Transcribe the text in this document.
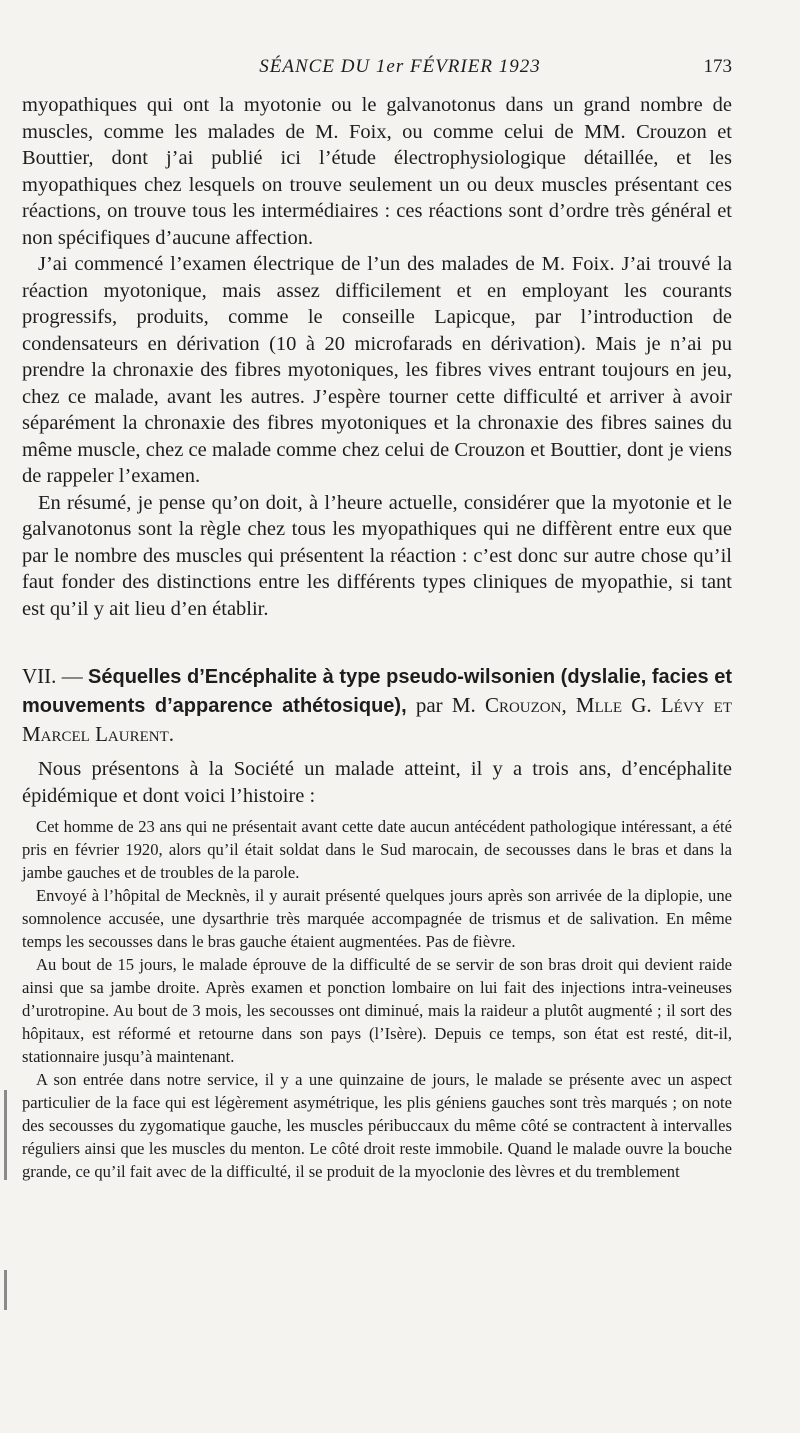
SÉANCE DU 1er FÉVRIER 1923	173

myopathiques qui ont la myotonie ou le galvanotonus dans un grand nombre de muscles, comme les malades de M. Foix, ou comme celui de MM. Crouzon et Bouttier, dont j’ai publié ici l’étude électrophysiologique détaillée, et les myopathiques chez lesquels on trouve seulement un ou deux muscles présentant ces réactions, on trouve tous les intermédiaires : ces réactions sont d’ordre très général et non spécifiques d’aucune affection.

J’ai commencé l’examen électrique de l’un des malades de M. Foix. J’ai trouvé la réaction myotonique, mais assez difficilement et en employant les courants progressifs, produits, comme le conseille Lapicque, par l’introduction de condensateurs en dérivation (10 à 20 microfarads en dérivation). Mais je n’ai pu prendre la chronaxie des fibres myotoniques, les fibres vives entrant toujours en jeu, chez ce malade, avant les autres. J’espère tourner cette difficulté et arriver à avoir séparément la chronaxie des fibres myotoniques et la chronaxie des fibres saines du même muscle, chez ce malade comme chez celui de Crouzon et Bouttier, dont je viens de rappeler l’examen.

En résumé, je pense qu’on doit, à l’heure actuelle, considérer que la myotonie et le galvanotonus sont la règle chez tous les myopathiques qui ne diffèrent entre eux que par le nombre des muscles qui présentent la réaction : c’est donc sur autre chose qu’il faut fonder des distinctions entre les différents types cliniques de myopathie, si tant est qu’il y ait lieu d’en établir.

VII. — Séquelles d’Encéphalite à type pseudo-wilsonien (dyslalie, facies et mouvements d’apparence athétosique), par M. Crouzon, Mlle G. Lévy et Marcel Laurent.

Nous présentons à la Société un malade atteint, il y a trois ans, d’encéphalite épidémique et dont voici l’histoire :

Cet homme de 23 ans qui ne présentait avant cette date aucun antécédent pathologique intéressant, a été pris en février 1920, alors qu’il était soldat dans le Sud marocain, de secousses dans le bras et dans la jambe gauches et de troubles de la parole.

Envoyé à l’hôpital de Mecknès, il y aurait présenté quelques jours après son arrivée de la diplopie, une somnolence accusée, une dysarthrie très marquée accompagnée de trismus et de salivation. En même temps les secousses dans le bras gauche étaient augmentées. Pas de fièvre.

Au bout de 15 jours, le malade éprouve de la difficulté de se servir de son bras droit qui devient raide ainsi que sa jambe droite. Après examen et ponction lombaire on lui fait des injections intra-veineuses d’urotropine. Au bout de 3 mois, les secousses ont diminué, mais la raideur a plutôt augmenté ; il sort des hôpitaux, est réformé et retourne dans son pays (l’Isère). Depuis ce temps, son état est resté, dit-il, stationnaire jusqu’à maintenant.

A son entrée dans notre service, il y a une quinzaine de jours, le malade se présente avec un aspect particulier de la face qui est légèrement asymétrique, les plis géniens gauches sont très marqués ; on note des secousses du zygomatique gauche, les muscles péribuccaux du même côté se contractent à intervalles réguliers ainsi que les muscles du menton. Le côté droit reste immobile. Quand le malade ouvre la bouche grande, ce qu’il fait avec de la difficulté, il se produit de la myoclonie des lèvres et du tremblement
